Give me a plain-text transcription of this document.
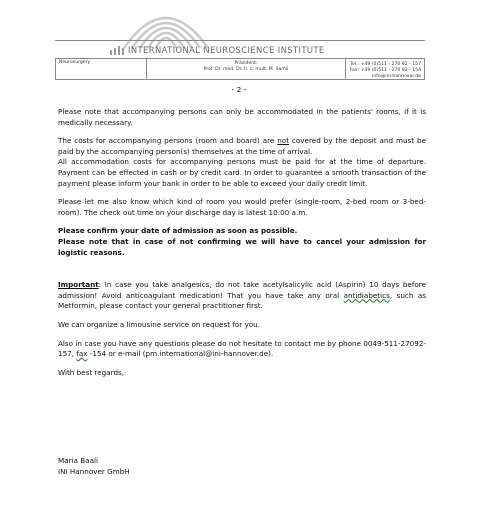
INTERNATIONAL NEUROSCIENCE INSTITUTE
Neurosurgery	Präsident:
Prof. Dr. med. Dr. h. c. mult. M. Samii
Tel.: +49 (0)511 - 270 92 - 157
Fax: +49 (0)511 - 270 92 - 154
info@ini-hannover.de
- 2 -

Please note that accompanying persons can only be accommodated in the patients' rooms, if it is medically necessary.

The costs for accompanying persons (room and board) are not covered by the deposit and must be paid by the accompanying person(s) themselves at the time of arrival.

All accommodation costs for accompanying persons must be paid for at the time of departure. Payment can be effected in cash or by credit card. In order to guarantee a smooth transaction of the payment please inform your bank in order to be able to exceed your daily credit limit.

Please let me also know which kind of room you would prefer (single-room, 2-bed room or 3-bed-room). The check out time on your discharge day is latest 10:00 a.m.

Please confirm your date of admission as soon as possible.
Please note that in case of not confirming we will have to cancel your admission for logistic reasons.

Important: In case you take analgesics, do not take acetylsalicylic acid (Aspirin) 10 days before admission! Avoid anticoagulant medication! That you have take any oral antidiabetics, such as Metformin, please contact your general practitioner first.

We can organize a limousine service on request for you.

Also in case you have any questions please do not hesitate to contact me by phone 0049-511-27092-157, fax -154 or e-mail (pm.international@ini-hannover.de).

With best regards,

Maria Baali
INI Hannover GmbH
